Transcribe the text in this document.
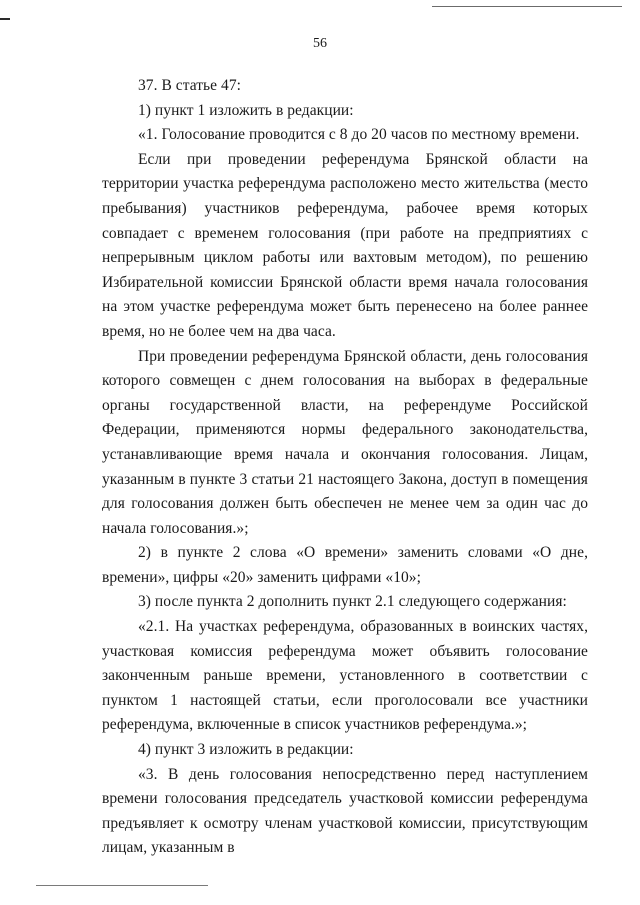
56

37. В статье 47:

1) пункт 1 изложить в редакции:

«1. Голосование проводится с 8 до 20 часов по местному времени.

Если при проведении референдума Брянской области на территории участка референдума расположено место жительства (место пребывания) участников референдума, рабочее время которых совпадает с временем голосования (при работе на предприятиях с непрерывным циклом работы или вахтовым методом), по решению Избирательной комиссии Брянской области время начала голосования на этом участке референдума может быть перенесено на более раннее время, но не более чем на два часа.

При проведении референдума Брянской области, день голосования которого совмещен с днем голосования на выборах в федеральные органы государственной власти, на референдуме Российской Федерации, применяются нормы федерального законодательства, устанавливающие время начала и окончания голосования. Лицам, указанным в пункте 3 статьи 21 настоящего Закона, доступ в помещения для голосования должен быть обеспечен не менее чем за один час до начала голосования.»;

2) в пункте 2 слова «О времени» заменить словами «О дне, времени», цифры «20» заменить цифрами «10»;

3) после пункта 2 дополнить пункт 2.1 следующего содержания:

«2.1. На участках референдума, образованных в воинских частях, участковая комиссия референдума может объявить голосование законченным раньше времени, установленного в соответствии с пунктом 1 настоящей статьи, если проголосовали все участники референдума, включенные в список участников референдума.»;

4) пункт 3 изложить в редакции:

«3. В день голосования непосредственно перед наступлением времени голосования председатель участковой комиссии референдума предъявляет к осмотру членам участковой комиссии, присутствующим лицам, указанным в
